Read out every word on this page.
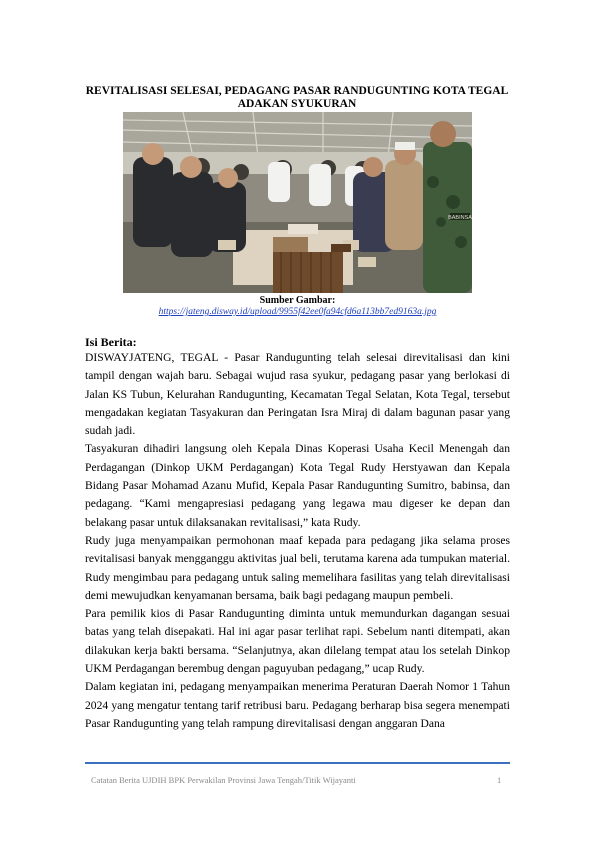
REVITALISASI SELESAI, PEDAGANG PASAR RANDUGUNTING KOTA TEGAL ADAKAN SYUKURAN
BABINSA
Sumber Gambar:
https://jateng.disway.id/upload/9955f42ee0fa94cfd6a113bb7ed9163a.jpg
Isi Berita:

DISWAYJATENG, TEGAL - Pasar Randugunting telah selesai direvitalisasi dan kini tampil dengan wajah baru. Sebagai wujud rasa syukur, pedagang pasar yang berlokasi di Jalan KS Tubun, Kelurahan Randugunting, Kecamatan Tegal Selatan, Kota Tegal, tersebut mengadakan kegiatan Tasyakuran dan Peringatan Isra Miraj di dalam bagunan pasar yang sudah jadi.

Tasyakuran dihadiri langsung oleh Kepala Dinas Koperasi Usaha Kecil Menengah dan Perdagangan (Dinkop UKM Perdagangan) Kota Tegal Rudy Herstyawan dan Kepala Bidang Pasar Mohamad Azanu Mufid, Kepala Pasar Randugunting Sumitro, babinsa, dan pedagang. “Kami mengapresiasi pedagang yang legawa mau digeser ke depan dan belakang pasar untuk dilaksanakan revitalisasi,” kata Rudy.

Rudy juga menyampaikan permohonan maaf kepada para pedagang jika selama proses revitalisasi banyak mengganggu aktivitas jual beli, terutama karena ada tumpukan material. Rudy mengimbau para pedagang untuk saling memelihara fasilitas yang telah direvitalisasi demi mewujudkan kenyamanan bersama, baik bagi pedagang maupun pembeli.

Para pemilik kios di Pasar Randugunting diminta untuk memundurkan dagangan sesuai batas yang telah disepakati. Hal ini agar pasar terlihat rapi. Sebelum nanti ditempati, akan dilakukan kerja bakti bersama. “Selanjutnya, akan dilelang tempat atau los setelah Dinkop UKM Perdagangan berembug dengan paguyuban pedagang,” ucap Rudy.

Dalam kegiatan ini, pedagang menyampaikan menerima Peraturan Daerah Nomor 1 Tahun 2024 yang mengatur tentang tarif retribusi baru. Pedagang berharap bisa segera menempati Pasar Randugunting yang telah rampung direvitalisasi dengan anggaran Dana

Catatan Berita UJDIH BPK Perwakilan Provinsi Jawa Tengah/Titik Wijayanti	1
